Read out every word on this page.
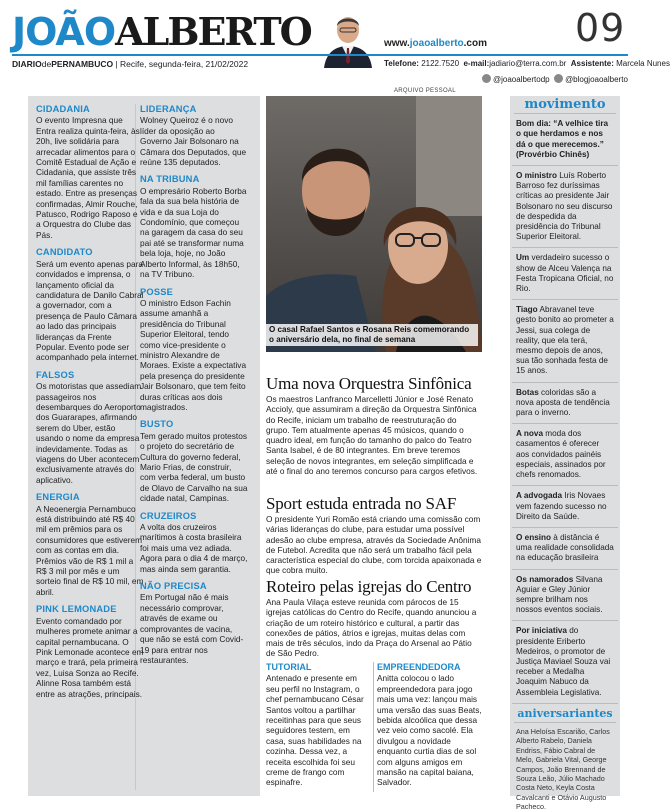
JOÃOALBERTO	www.joaoalberto.com 09
DIARIOdePERNAMBUCO | Recife, segunda-feira, 21/02/2022	Telefone: 2122.7520 e-mail:jadiario@terra.com.br Assistente: Marcela Nunes
@joaoalbertodp @blogjoaoalberto
CIDADANIA

O evento Impresna que Entra realiza quinta-feira, às 20h, live solidária para arrecadar alimentos para o Comitê Estadual de Ação e Cidadania, que assiste três mil famílias carentes no estado. Entre as presenças confirmadas, Almir Rouche, Patusco, Rodrigo Raposo e a Orquestra do Clube das Pás.

CANDIDATO

Será um evento apenas para convidados e imprensa, o lançamento oficial da candidatura de Danilo Cabral a governador, com a presença de Paulo Câmara ao lado das principais lideranças da Frente Popular. Evento pode ser acompanhado pela internet.

FALSOS

Os motoristas que assediam passageiros nos desembarques do Aeroporto dos Guararapes, afirmando serem do Uber, estão usando o nome da empresa indevidamente. Todas as viagens do Uber acontecem exclusivamente através do aplicativo.

ENERGIA

A Neoenergia Pernambuco está distribuindo até R$ 40 mil em prêmios para os consumidores que estiverem com as contas em dia. Prêmios vão de R$ 1 mil a R$ 3 mil por mês e um sorteio final de R$ 10 mil, em abril.

PINK LEMONADE

Evento comandado por mulheres promete animar a capital pernambucana. O Pink Lemonade acontece em março e trará, pela primeira vez, Luisa Sonza ao Recife. Alinne Rosa também está entre as atrações, principais.

LIDERANÇA

Wolney Queiroz é o novo líder da oposição ao Governo Jair Bolsonaro na Câmara dos Deputados, que reúne 135 deputados.

NA TRIBUNA

O empresário Roberto Borba fala da sua bela história de vida e da sua Loja do Condomínio, que começou na garagem da casa do seu pai até se transformar numa bela loja, hoje, no João Alberto Informal, às 18h50, na TV Tribuno.

POSSE

O ministro Edson Fachin assume amanhã a presidência do Tribunal Superior Eleitoral, tendo como vice-presidente o ministro Alexandre de Moraes. Existe a expectativa pela presença do presidente Jair Bolsonaro, que tem feito duras críticas aos dois magistrados.

BUSTO

Tem gerado muitos protestos o projeto do secretário de Cultura do governo federal, Mario Frias, de construir, com verba federal, um busto de Olavo de Carvalho na sua cidade natal, Campinas.

CRUZEIROS

A volta dos cruzeiros marítimos à costa brasileira foi mais uma vez adiada. Agora para o dia 4 de março, mas ainda sem garantia.

NÃO PRECISA

Em Portugal não é mais necessário comprovar, através de exame ou comprovantes de vacina, que não se está com Covid-19 para entrar nos restaurantes.

ARQUIVO PESSOAL
O casal Rafael Santos e Rosana Reis comemorando o aniversário dela, no final de semana
Uma nova Orquestra Sinfônica

Os maestros Lanfranco Marcelletti Júnior e José Renato Accioly, que assumiram a direção da Orquestra Sinfônica do Recife, iniciam um trabalho de reestruturação do grupo. Tem atualmente apenas 45 músicos, quando o quadro ideal, em função do tamanho do palco do Teatro Santa Isabel, é de 80 integrantes. Em breve teremos seleção de novos integrantes, em seleção simplificada e até o final do ano teremos concurso para cargos efetivos.

Sport estuda entrada no SAF

O presidente Yuri Romão está criando uma comissão com várias lideranças do clube, para estudar uma possível adesão ao clube empresa, através da Sociedade Anônima de Futebol. Acredita que não será um trabalho fácil pela característica especial do clube, com torcida apaixonada e que cobra muito.

Roteiro pelas igrejas do Centro

Ana Paula Vilaça esteve reunida com párocos de 15 igrejas católicas do Centro do Recife, quando anunciou a criação de um roteiro histórico e cultural, a partir das conexões de pátios, átrios e igrejas, muitas delas com mais de três séculos, indo da Praça do Arsenal ao Pátio de São Pedro.

TUTORIAL

Antenado e presente em seu perfil no Instagram, o chef pernambucano César Santos voltou a partilhar receitinhas para que seus seguidores testem, em casa, suas habilidades na cozinha. Dessa vez, a receita escolhida foi seu creme de frango com espinafre.

EMPREENDEDORA

Anitta colocou o lado empreendedora para jogo mais uma vez: lançou mais uma versão das suas Beats, bebida alcoólica que dessa vez veio como sacolé. Ela divulgou a novidade enquanto curtia dias de sol com alguns amigos em mansão na capital baiana, Salvador.

movimento
Bom dia: “A velhice tira o que herdamos e nos dá o que merecemos.” (Provérbio Chinês)
O ministro Luís Roberto Barroso fez duríssimas críticas ao presidente Jair Bolsonaro no seu discurso de despedida da presidência do Tribunal Superior Eleitoral.
Um verdadeiro sucesso o show de Alceu Valença na Festa Tropicana Oficial, no Rio.
Tiago Abravanel teve gesto bonito ao prometer a Jessi, sua colega de reality, que ela terá, mesmo depois de anos, sua tão sonhada festa de 15 anos.
Botas coloridas são a nova aposta de tendência para o inverno.
A nova moda dos casamentos é oferecer aos convidados painéis especiais, assinados por chefs renomados.
A advogada Iris Novaes vem fazendo sucesso no Direito da Saúde.
O ensino à distância é uma realidade consolidada na educação brasileira
Os namorados Silvana Aguiar e Gley Júnior sempre brilham nos nossos eventos sociais.
Por iniciativa do presidente Eriberto Medeiros, o promotor de Justiça Maviael Souza vai receber a Medalha Joaquim Nabuco da Assembleia Legislativa.
aniversariantes
Ana Heloísa Escarião, Carlos Alberto Rabelo, Daniela Endriss, Fábio Cabral de Melo, Gabriela Vital, George Campos, João Brennand de Souza Leão, Júlio Machado Costa Neto, Keyla Costa Cavalcanti e Otávio Augusto Pacheco.
